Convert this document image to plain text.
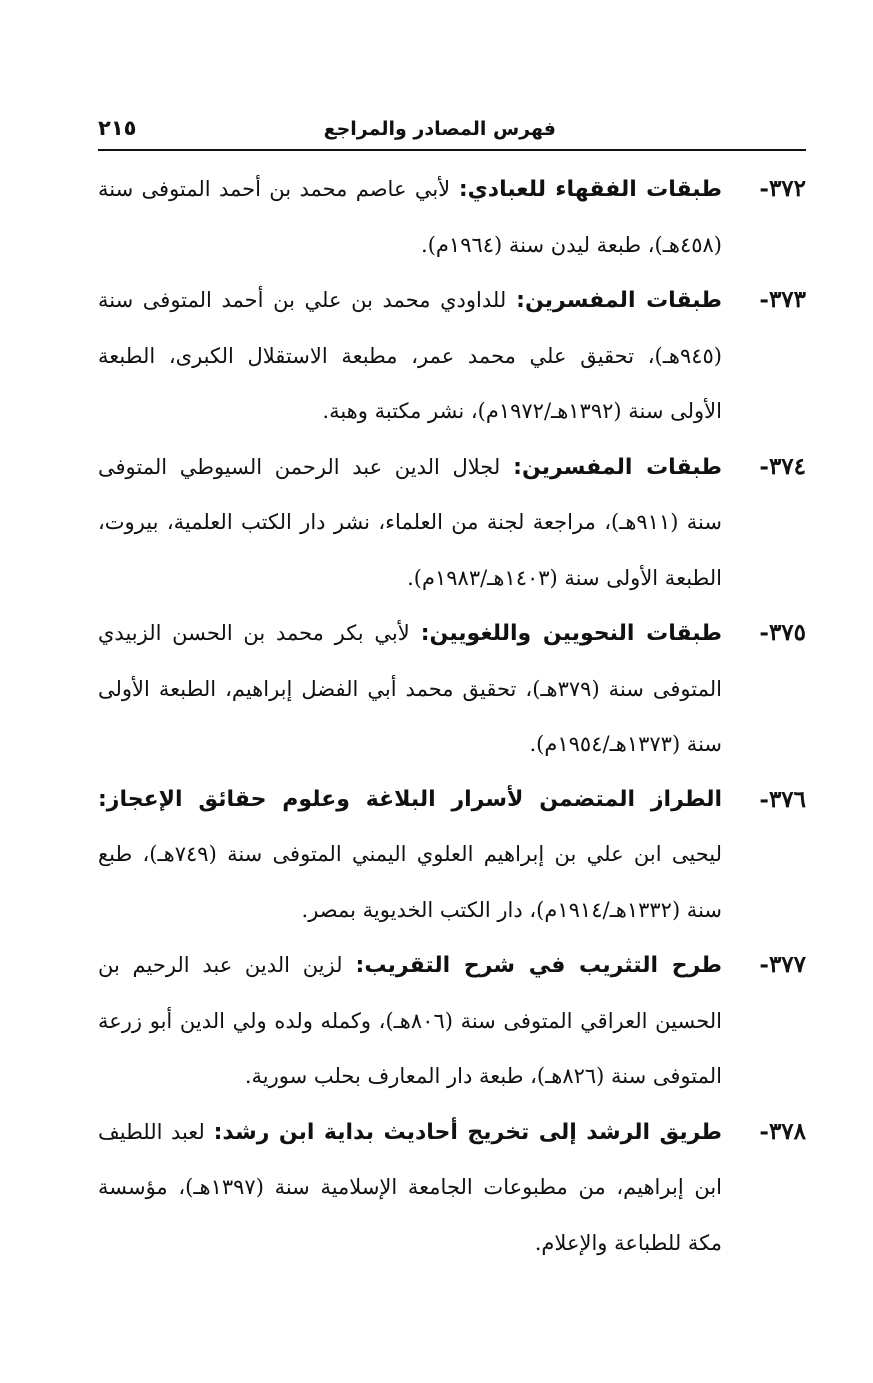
فهرس المصادر والمراجع
٢١٥
٣٧٢-
طبقات الفقهاء للعبادي: لأبي عاصم محمد بن أحمد المتوفى سنة (٤٥٨هـ)، طبعة ليدن سنة (١٩٦٤م).
٣٧٣-
طبقات المفسرين: للداودي محمد بن علي بن أحمد المتوفى سنة (٩٤٥هـ)، تحقيق علي محمد عمر، مطبعة الاستقلال الكبرى، الطبعة الأولى سنة (١٣٩٢هـ/١٩٧٢م)، نشر مكتبة وهبة.
٣٧٤-
طبقات المفسرين: لجلال الدين عبد الرحمن السيوطي المتوفى سنة (٩١١هـ)، مراجعة لجنة من العلماء، نشر دار الكتب العلمية، بيروت، الطبعة الأولى سنة (١٤٠٣هـ/١٩٨٣م).
٣٧٥-
طبقات النحويين واللغويين: لأبي بكر محمد بن الحسن الزبيدي المتوفى سنة (٣٧٩هـ)، تحقيق محمد أبي الفضل إبراهيم، الطبعة الأولى سنة (١٣٧٣هـ/١٩٥٤م).
٣٧٦-
الطراز المتضمن لأسرار البلاغة وعلوم حقائق الإعجاز: ليحيى ابن علي بن إبراهيم العلوي اليمني المتوفى سنة (٧٤٩هـ)، طبع سنة (١٣٣٢هـ/١٩١٤م)، دار الكتب الخديوية بمصر.
٣٧٧-
طرح التثريب في شرح التقريب: لزين الدين عبد الرحيم بن الحسين العراقي المتوفى سنة (٨٠٦هـ)، وكمله ولده ولي الدين أبو زرعة المتوفى سنة (٨٢٦هـ)، طبعة دار المعارف بحلب سورية.
٣٧٨-
طريق الرشد إلى تخريج أحاديث بداية ابن رشد: لعبد اللطيف ابن إبراهيم، من مطبوعات الجامعة الإسلامية سنة (١٣٩٧هـ)، مؤسسة مكة للطباعة والإعلام.
